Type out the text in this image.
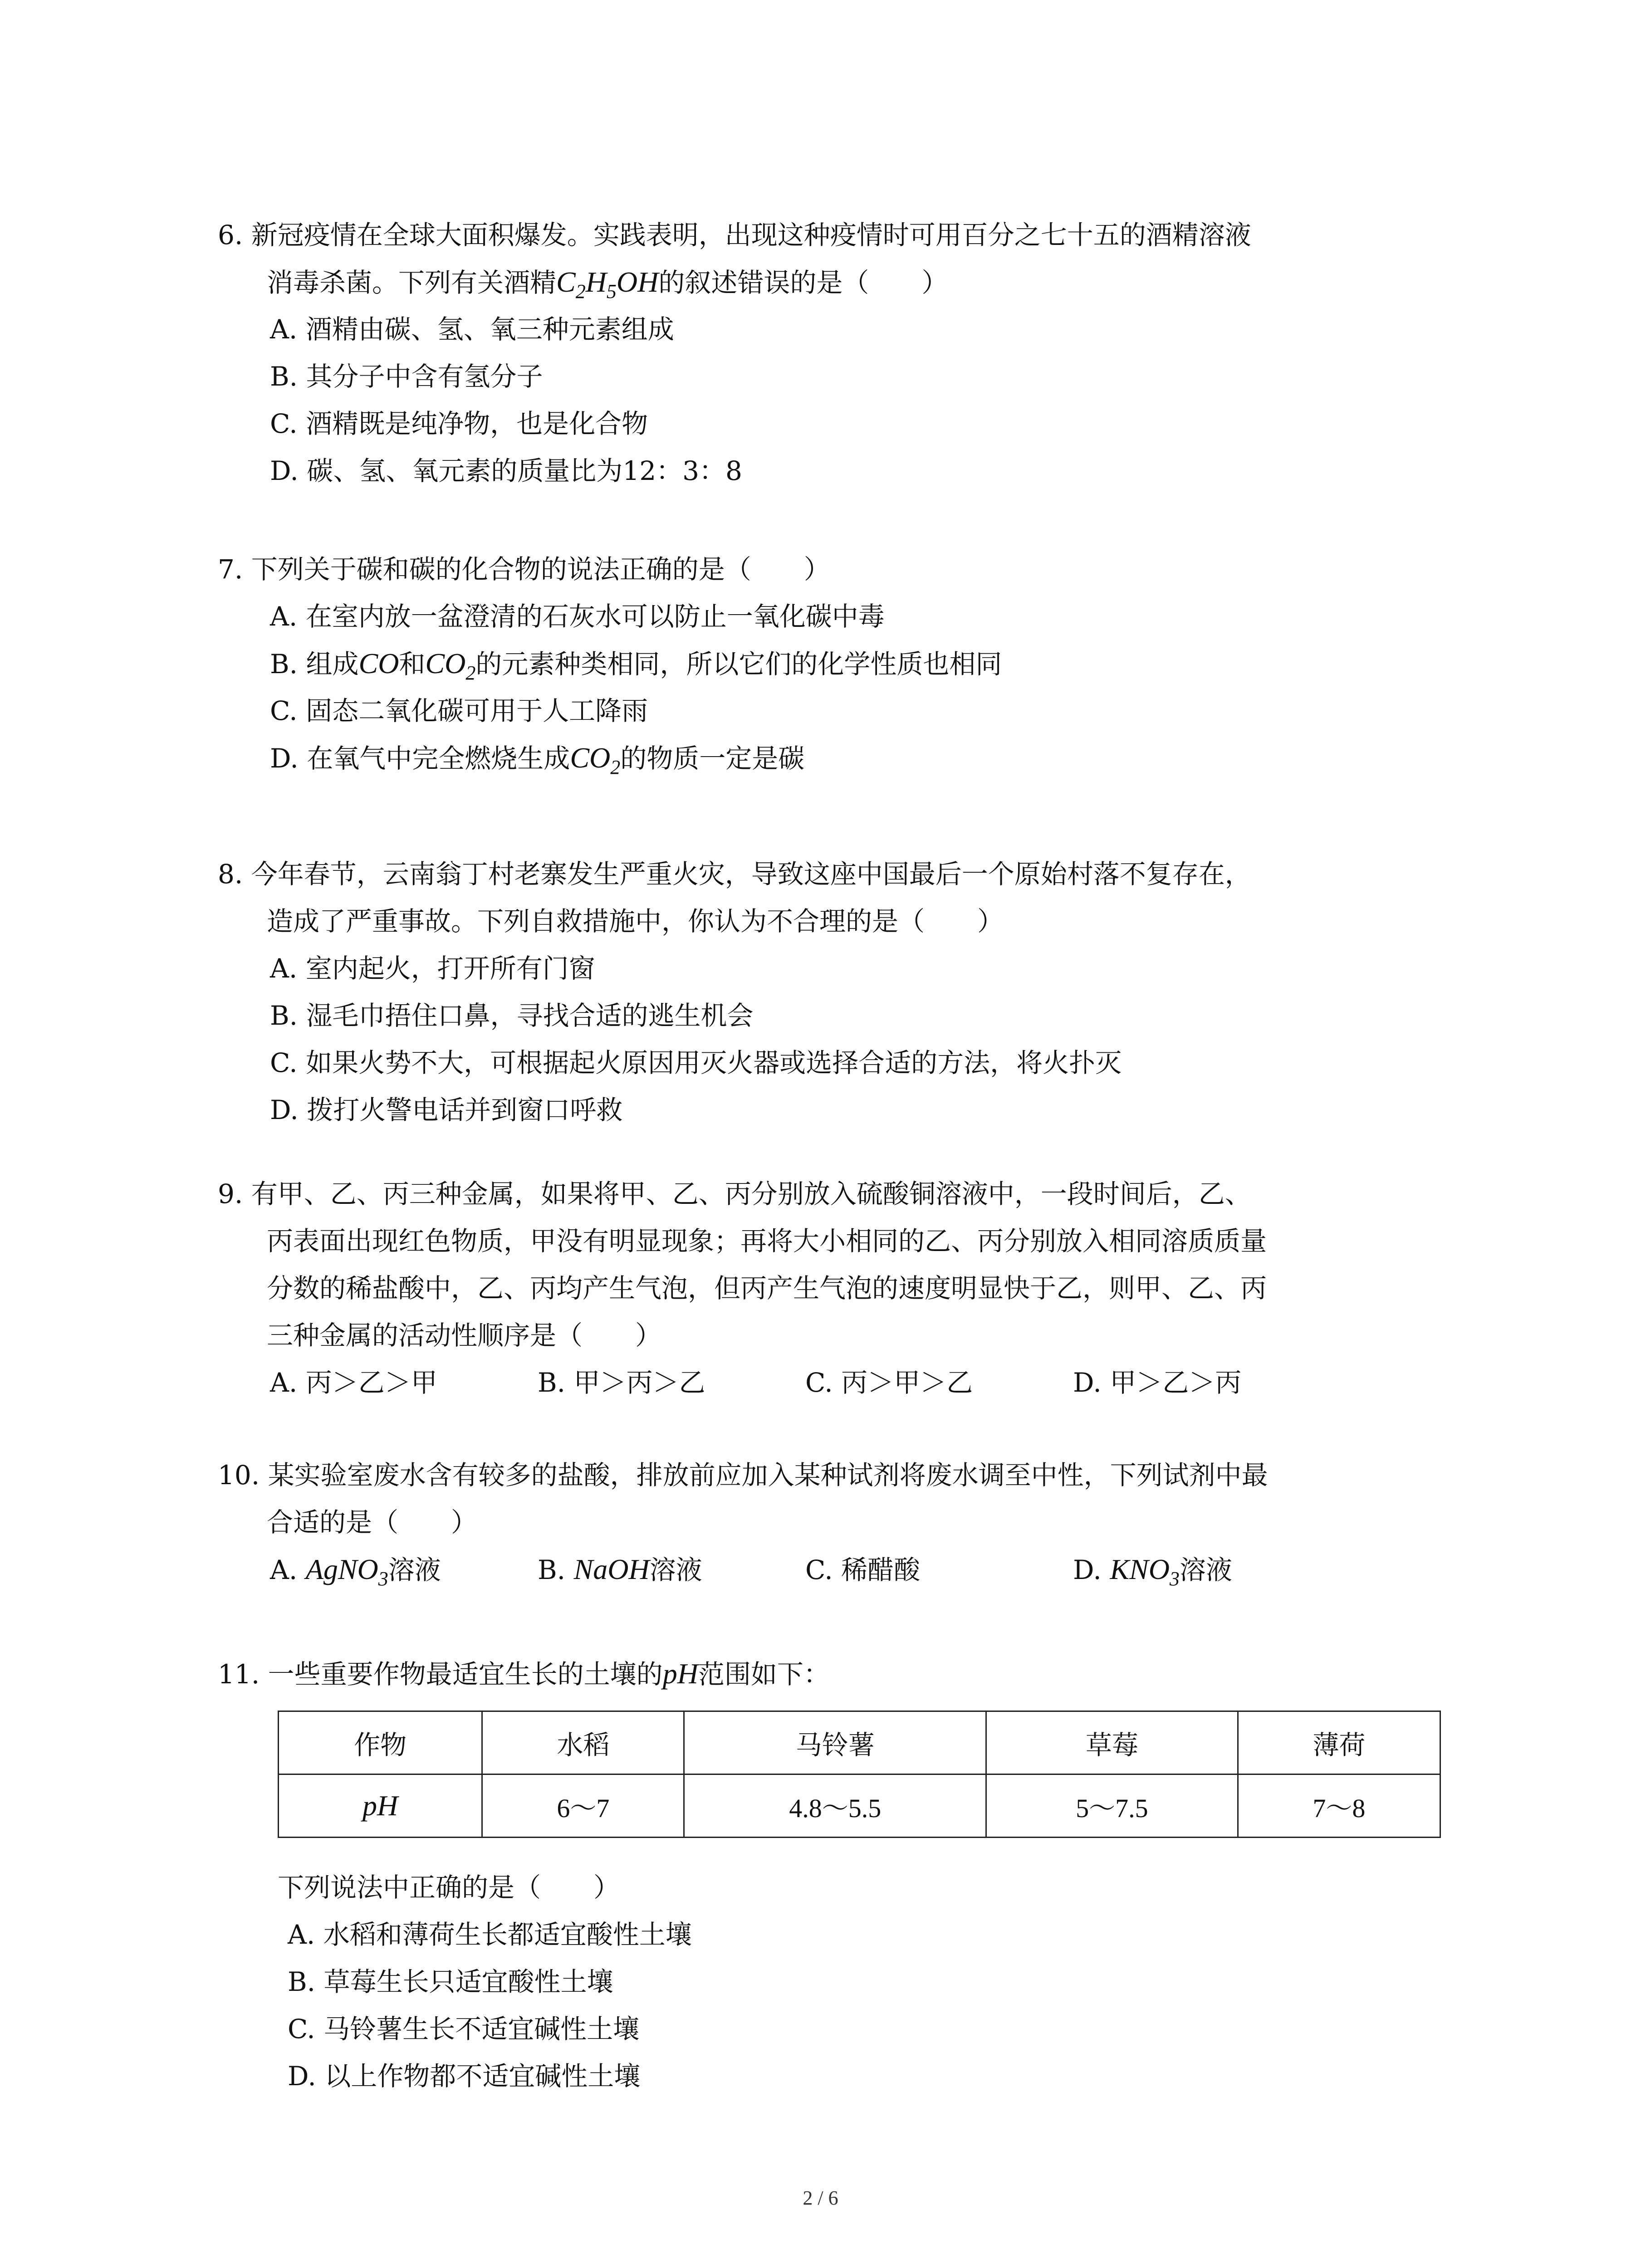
6. 新冠疫情在全球大面积爆发。实践表明，出现这种疫情时可用百分之七十五的酒精溶液
消毒杀菌。下列有关酒精$C_2H_5OH$的叙述错误的是（　　）
A. 酒精由碳、氢、氧三种元素组成
B. 其分子中含有氢分子
C. 酒精既是纯净物，也是化合物
D. 碳、氢、氧元素的质量比为12：3：8
7. 下列关于碳和碳的化合物的说法正确的是（　　）
A. 在室内放一盆澄清的石灰水可以防止一氧化碳中毒
B. 组成CO和$CO_2$的元素种类相同，所以它们的化学性质也相同
C. 固态二氧化碳可用于人工降雨
D. 在氧气中完全燃烧生成$CO_2$的物质一定是碳
8. 今年春节，云南翁丁村老寨发生严重火灾，导致这座中国最后一个原始村落不复存在，
造成了严重事故。下列自救措施中，你认为不合理的是（　　）
A. 室内起火，打开所有门窗
B. 湿毛巾捂住口鼻，寻找合适的逃生机会
C. 如果火势不大，可根据起火原因用灭火器或选择合适的方法，将火扑灭
D. 拨打火警电话并到窗口呼救
9. 有甲、乙、丙三种金属，如果将甲、乙、丙分别放入硫酸铜溶液中，一段时间后，乙、
丙表面出现红色物质，甲没有明显现象；再将大小相同的乙、丙分别放入相同溶质质量
分数的稀盐酸中，乙、丙均产生气泡，但丙产生气泡的速度明显快于乙，则甲、乙、丙
三种金属的活动性顺序是（　　）
A. 丙＞乙＞甲	B. 甲＞丙＞乙	C. 丙＞甲＞乙	D. 甲＞乙＞丙
10. 某实验室废水含有较多的盐酸，排放前应加入某种试剂将废水调至中性，下列试剂中最
合适的是（　　）
A. AgNO$_3$溶液	B. NaOH溶液	C. 稀醋酸	D. $KNO_3$溶液
11. 一些重要作物最适宜生长的土壤的pH范围如下：
作物	水稻	马铃薯	草莓	薄荷
pH	6～7	4.8～5.5	5～7.5	7～8
下列说法中正确的是（　　）
A. 水稻和薄荷生长都适宜酸性土壤
B. 草莓生长只适宜酸性土壤
C. 马铃薯生长不适宜碱性土壤
D. 以上作物都不适宜碱性土壤
2 / 6
